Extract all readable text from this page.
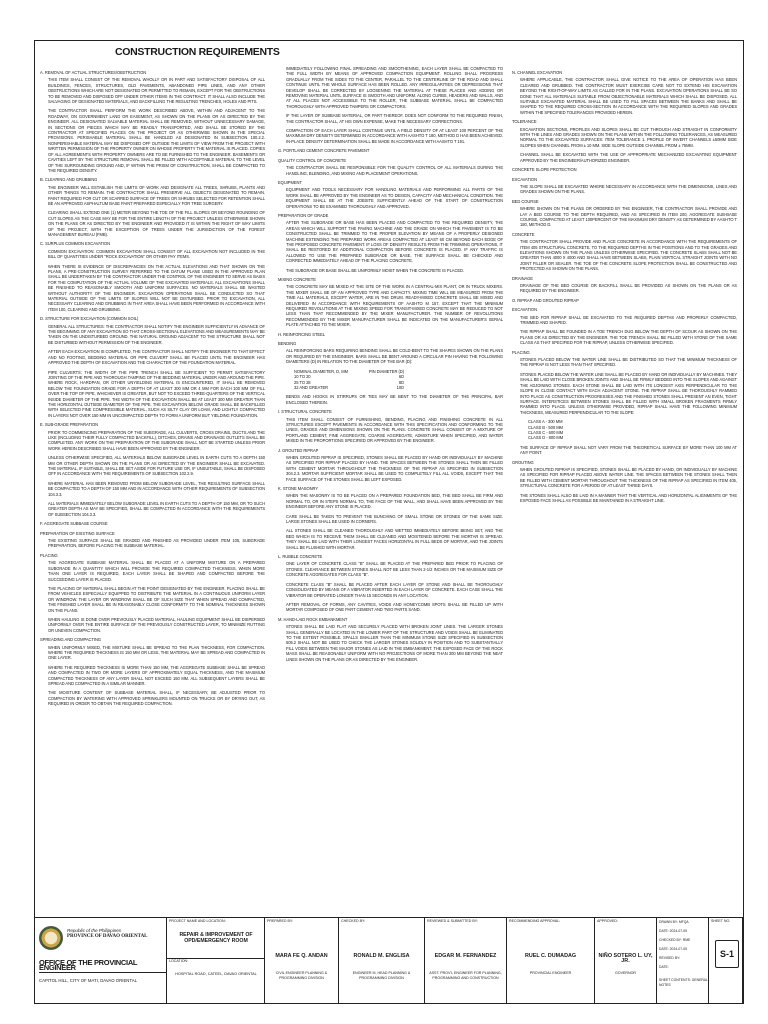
CONSTRUCTION REQUIREMENTS

A. REMOVAL OF ACTUAL STRUCTURES/OBSTRUCTION

THIS ITEM SHALL CONSIST OF THE REMOVAL WHOLLY OR IN PART AND SATISFACTORY DISPOSAL OF ALL BUILDINGS, FENCES, STRUCTURES, OLD PAVEMENTS, ABANDONED PIPE LINES, AND ANY OTHER OBSTRUCTIONS WHICH ARE NOT DESIGNATED OR PERMITTED TO REMAIN, EXCEPT FOR THE OBSTRUCTIONS TO BE REMOVED AND DISPOSED OFF UNDER OTHER ITEMS IN THE CONTRACT. IT SHALL ALSO INCLUDE THE SALVAGING OF DESIGNATED MATERIALS, AND BACKFILLING THE RESULTING TRENCHES, HOLES AND PITS.

THE CONTRACTOR SHALL PERFORM THE WORK DESCRIBED ABOVE, WITHIN AND ADJACENT TO THE ROADWAY, ON GOVERNMENT LAND OR EASEMENT, AS SHOWN ON THE PLANS OR AS DIRECTED BY THE ENGINEER. ALL DESIGNATED SALVABLE MATERIAL SHALL BE REMOVED, WITHOUT UNNECESSARY DAMAGE, IN SECTIONS OR PIECES WHICH MAY BE READILY TRANSPORTED, AND SHALL BE STORED BY THE CONTRACTOR AT SPECIFIED PLACES ON THE PROJECT OR AS OTHERWISE SHOWN IN THE SPECIAL PROVISIONS. PERISHABLE MATERIAL SHALL BE HANDLED AS DESIGNATED IN SUBSECTION 100.2.2. NONPERISHABLE MATERIAL MAY BE DISPOSED OFF OUTSIDE THE LIMITS OF VIEW FROM THE PROJECT WITH WRITTEN PERMISSION OF THE PROPERTY OWNER ON WHOSE PROPERTY THE MATERIAL IS PLACED. COPIES OF ALL AGREEMENTS WITH PROPERTY OWNERS ARE TO BE FURNISHED TO THE ENGINEER. BASEMENTS OR CAVITIES LEFT BY THE STRUCTURE REMOVAL SHALL BE FILLED WITH ACCEPTABLE MATERIAL TO THE LEVEL OF THE SURROUNDING GROUND AND, IF WITHIN THE PRISM OF CONSTRUCTION, SHALL BE COMPACTED TO THE REQUIRED DENSITY.

B. CLEARING AND GRUBBING

THE ENGINEER WILL ESTABLISH THE LIMITS OF WORK AND DESIGNATE ALL TREES, SHRUBS, PLANTS AND OTHER THINGS TO REMAIN. THE CONTRACTOR SHALL PRESERVE ALL OBJECTS DESIGNATED TO REMAIN. PAINT REQUIRED FOR CUT OR SCARRED SURFACE OF TREES OR SHRUBS SELECTED FOR RETENTION SHALL BE AN APPROVED ASPHALTUM BASE PAINT PREPARED ESPECIALLY FOR TREE SURGERY.

CLEARING SHALL EXTEND ONE (1) METER BEYOND THE TOE OF THE FILL SLOPES OR BEYOND ROUNDING OF CUT SLOPES AS THE CASE MAY BE FOR THE ENTIRE LENGTH OF THE PROJECT UNLESS OTHERWISE SHOWN ON THE PLANS OR AS DIRECTED BY THE ENGINEER AND PROVIDED IT IS WITHIN THE RIGHT OF WAY LIMITS OF THE PROJECT, WITH THE EXCEPTION OF TREES UNDER THE JURISDICTION OF THE FOREST MANAGEMENT BUREAU (FMB).

C. SURPLUS COMMON EXCAVATION

COMMON EXCAVATION: COMMON EXCAVATION SHALL CONSIST OF ALL EXCAVATION NOT INCLUDED IN THE BILL OF QUANTITIES UNDER "ROCK EXCAVATION" OR OTHER PAY ITEMS.

WHEN THERE IS EVIDENCE OF DISCREPANCIES ON THE ACTUAL ELEVATIONS AND THAT SHOWN ON THE PLANS, A PRE-CONSTRUCTION SURVEY REFERRED TO THE DATUM PLANE USED IN THE APPROVED PLAN SHALL BE UNDERTAKEN BY THE CONTRACTOR UNDER THE CONTROL OF THE ENGINEER TO SERVE AS BASIS FOR THE COMPUTATION OF THE ACTUAL VOLUME OF THE EXCAVATED MATERIALS. ALL EXCAVATIONS SHALL BE FINISHED TO REASONABLY SMOOTH AND UNIFORM SURFACES. NO MATERIALS SHALL BE WASTED WITHOUT AUTHORITY OF THE ENGINEER. EXCAVATION OPERATIONS SHALL BE CONDUCTED SO THAT MATERIAL OUTSIDE OF THE LIMITS OF SLOPES WILL NOT BE DISTURBED. PRIOR TO EXCAVATION, ALL NECESSARY CLEARING AND GRUBBING IN THAT AREA SHALL HAVE BEEN PERFORMED IN ACCORDANCE WITH ITEM 100, CLEARING AND GRUBBING.

D. STRUCTURE FOR EXCAVATION (COMMON SOIL)

GENERAL ALL STRUCTURES: THE CONTRACTOR SHALL NOTIFY THE ENGINEER SUFFICIENTLY IN ADVANCE OF THE BEGINNING OF ANY EXCAVATION SO THAT CROSS-SECTIONAL ELEVATIONS AND MEASUREMENTS MAY BE TAKEN ON THE UNDISTURBED GROUND. THE NATURAL GROUND ADJACENT TO THE STRUCTURE SHALL NOT BE DISTURBED WITHOUT PERMISSION OF THE ENGINEER.

AFTER EACH EXCAVATION IS COMPLETED, THE CONTRACTOR SHALL NOTIFY THE ENGINEER TO THAT EFFECT AND NO FOOTING, BEDDING MATERIAL OR PIPE CULVERT SHALL BE PLACED UNTIL THE ENGINEER HAS APPROVED THE DEPTH OF EXCAVATION AND THE CHARACTER OF THE FOUNDATION MATERIAL.

PIPE CULVERTS: THE WIDTH OF THE PIPE TRENCH SHALL BE SUFFICIENT TO PERMIT SATISFACTORY JOINTING OF THE PIPE AND THOROUGH TAMPING OF THE BEDDING MATERIAL UNDER AND AROUND THE PIPE. WHERE ROCK, HARDPAN, OR OTHER UNYIELDING MATERIAL IS ENCOUNTERED, IT SHALL BE REMOVED BELOW THE FOUNDATION GRADE FOR A DEPTH OF AT LEAST 300 MM OR 4 MM FOR EACH 100 MM OF FILL OVER THE TOP OF PIPE, WHICHEVER IS GREATER, BUT NOT TO EXCEED THREE-QUARTERS OF THE VERTICAL INSIDE DIAMETER OF THE PIPE. THE WIDTH OF THE EXCAVATION SHALL BE AT LEAST 300 MM GREATER THAN THE HORIZONTAL OUTSIDE DIAMETER OF THE PIPE. THE EXCAVATION BELOW GRADE SHALL BE BACKFILLED WITH SELECTED FINE COMPRESSIBLE MATERIAL, SUCH AS SILTY CLAY OR LOAM, AND LIGHTLY COMPACTED IN LAYERS NOT OVER 150 MM IN UNCOMPACTED DEPTH TO FORM A UNIFORM BUT YIELDING FOUNDATION.

E. SUB-GRADE PREPARATION

PRIOR TO COMMENCING PREPARATION OF THE SUBGRADE, ALL CULVERTS, CROSS DRAINS, DUCTS AND THE LIKE (INCLUDING THEIR FULLY COMPACTED BACKFILL), DITCHES, DRAINS AND DRAINAGE OUTLETS SHALL BE COMPLETED. ANY WORK ON THE PREPARATION OF THE SUBGRADE SHALL NOT BE STARTED UNLESS PRIOR WORK HEREIN DESCRIBED SHALL HAVE BEEN APPROVED BY THE ENGINEER.

UNLESS OTHERWISE SPECIFIED, ALL MATERIALS BELOW SUBGRADE LEVEL IN EARTH CUTS TO A DEPTH 150 MM OR OTHER DEPTH SHOWN ON THE PLANS OR AS DIRECTED BY THE ENGINEER SHALL BE EXCAVATED. THE MATERIAL, IF SUITABLE, SHALL BE SET ASIDE FOR FUTURE USE OR, IF UNSUITABLE, SHALL BE DISPOSED OFF IN ACCORDANCE WITH THE REQUIREMENTS OF SUBSECTION 102.2.9.

WHERE MATERIAL HAS BEEN REMOVED FROM BELOW SUBGRADE LEVEL, THE RESULTING SURFACE SHALL BE COMPACTED TO A DEPTH OF 150 MM AND IN ACCORDANCE WITH OTHER REQUIREMENTS OF SUBSECTION 104.3.3.

ALL MATERIALS IMMEDIATELY BELOW SUBGRADE LEVEL IN EARTH CUTS TO A DEPTH OF 150 MM, OR TO SUCH GREATER DEPTH AS MAY BE SPECIFIED, SHALL BE COMPACTED IN ACCORDANCE WITH THE REQUIREMENTS OF SUBSECTION 104.3.3.

F. AGGREGATE SUBBASE COURSE

PREPARATION OF EXISTING SURFACE

THE EXISTING SURFACE SHALL BE GRADED AND FINISHED AS PROVIDED UNDER ITEM 105, SUBGRADE PREPARATION, BEFORE PLACING THE SUBBASE MATERIAL.

PLACING

THE AGGREGATE SUBBASE MATERIAL SHALL BE PLACED AT A UNIFORM MIXTURE ON A PREPARED SUBGRADE IN A QUANTITY WHICH WILL PROVIDE THE REQUIRED COMPACTED THICKNESS. WHEN MORE THAN ONE LAYER IS REQUIRED, EACH LAYER SHALL BE SHAPED AND COMPACTED BEFORE THE SUCCEEDING LAYER IS PLACED.

THE PLACING OF MATERIAL SHALL BEGIN AT THE POINT DESIGNATED BY THE ENGINEER. PLACING SHALL BE FROM VEHICLES ESPECIALLY EQUIPPED TO DISTRIBUTE THE MATERIAL IN A CONTINUOUS UNIFORM LAYER OR WINDROW. THE LAYER OR WINDROW SHALL BE OF SUCH SIZE THAT WHEN SPREAD AND COMPACTED, THE FINISHED LAYER SHALL BE IN REASONABLY CLOSE CONFORMITY TO THE NOMINAL THICKNESS SHOWN ON THE PLANS.

WHEN HAULING IS DONE OVER PREVIOUSLY PLACED MATERIAL, HAULING EQUIPMENT SHALL BE DISPERSED UNIFORMLY OVER THE ENTIRE SURFACE OF THE PREVIOUSLY CONSTRUCTED LAYER, TO MINIMIZE RUTTING OR UNEVEN COMPACTION.

SPREADING AND COMPACTING

WHEN UNIFORMLY MIXED, THE MIXTURE SHALL BE SPREAD TO THE PLAN THICKNESS, FOR COMPACTION. WHERE THE REQUIRED THICKNESS IS 150 MM OR LESS, THE MATERIAL MAY BE SPREAD AND COMPACTED IN ONE LAYER.

WHERE THE REQUIRED THICKNESS IS MORE THAN 150 MM, THE AGGREGATE SUBBASE SHALL BE SPREAD AND COMPACTED IN TWO OR MORE LAYERS OF APPROXIMATELY EQUAL THICKNESS, AND THE MAXIMUM COMPACTED THICKNESS OF ANY LAYER SHALL NOT EXCEED 150 MM. ALL SUBSEQUENT LAYERS SHALL BE SPREAD AND COMPACTED IN A SIMILAR MANNER.

THE MOISTURE CONTENT OF SUBBASE MATERIAL SHALL, IF NECESSARY, BE ADJUSTED PRIOR TO COMPACTION BY WATERING WITH APPROVED SPRINKLERS MOUNTED ON TRUCKS OR BY DRYING OUT, AS REQUIRED IN ORDER TO OBTAIN THE REQUIRED COMPACTION.

IMMEDIATELY FOLLOWING FINAL SPREADING AND SMOOTHENING, EACH LAYER SHALL BE COMPACTED TO THE FULL WIDTH BY MEANS OF APPROVED COMPACTION EQUIPMENT. ROLLING SHALL PROGRESS GRADUALLY FROM THE SIDES TO THE CENTER, PARALLEL TO THE CENTERLINE OF THE ROAD AND SHALL CONTINUE UNTIL THE WHOLE SURFACE HAS BEEN ROLLED. ANY IRREGULARITIES OR DEPRESSIONS THAT DEVELOP SHALL BE CORRECTED BY LOOSENING THE MATERIAL AT THESE PLACES AND ADDING OR REMOVING MATERIAL UNTIL SURFACE IS SMOOTH AND UNIFORM. ALONG CURBS, HEADERS AND WALLS, AND AT ALL PLACES NOT ACCESSIBLE TO THE ROLLER, THE SUBBASE MATERIAL SHALL BE COMPACTED THOROUGHLY WITH APPROVED TAMPERS OR COMPACTORS.

IF THE LAYER OF SUBBASE MATERIAL, OR PART THEREOF, DOES NOT CONFORM TO THE REQUIRED FINISH, THE CONTRACTOR SHALL, AT HIS OWN EXPENSE, MAKE THE NECESSARY CORRECTIONS.

COMPACTION OF EACH LAYER SHALL CONTINUE UNTIL A FIELD DENSITY OF AT LEAST 100 PERCENT OF THE MAXIMUM DRY DENSITY DETERMINED IN ACCORDANCE WITH AASHTO T 180, METHOD D HAS BEEN ACHIEVED. IN-PLACE DENSITY DETERMINATION SHALL BE MADE IN ACCORDANCE WITH AASHTO T 191.

G. PORTLAND CEMENT CONCRETE PAVEMENT

QUALITY CONTROL OF CONCRETE

THE CONTRACTOR SHALL BE RESPONSIBLE FOR THE QUALITY CONTROL OF ALL MATERIALS DURING THE HANDLING, BLENDING, AND MIXING AND PLACEMENT OPERATIONS.

EQUIPMENT

EQUIPMENT AND TOOLS NECESSARY FOR HANDLING MATERIALS AND PERFORMING ALL PARTS OF THE WORK SHALL BE APPROVED BY THE ENGINEER AS TO DESIGN, CAPACITY AND MECHANICAL CONDITION. THE EQUIPMENT SHALL BE AT THE JOBSITE SUFFICIENTLY AHEAD OF THE START OF CONSTRUCTION OPERATIONS TO BE EXAMINED THOROUGHLY AND APPROVED.

PREPARATION OF GRADE

AFTER THE SUBGRADE OR BASE HAS BEEN PLACED AND COMPACTED TO THE REQUIRED DENSITY, THE AREAS WHICH WILL SUPPORT THE PAVING MACHINE AND THE GRADE ON WHICH THE PAVEMENT IS TO BE CONSTRUCTED SHALL BE TRIMMED TO THE PROPER ELEVATION BY MEANS OF A PROPERLY DESIGNED MACHINE EXTENDING THE PREPARED WORK AREAS COMPACTED AT LEAST 60 CM BEYOND EACH EDGE OF THE PROPOSED CONCRETE PAVEMENT. IF LOSS OF DENSITY RESULTS FROM THE TRIMMING OPERATIONS, IT SHALL BE RESTORED BY ADDITIONAL COMPACTION BEFORE CONCRETE IS PLACED. IF ANY TRAFFIC IS ALLOWED TO USE THE PREPARED SUBGRADE OR BASE, THE SURFACE SHALL BE CHECKED AND CORRECTED IMMEDIATELY AHEAD OF THE PLACING CONCRETE.

THE SUBGRADE OR BASE SHALL BE UNIFORMLY MOIST WHEN THE CONCRETE IS PLACED.

MIXING CONCRETE

THE CONCRETE MAY BE MIXED AT THE SITE OF THE WORK IN A CENTRAL-MIX PLANT, OR IN TRUCK MIXERS. THE MIXER SHALL BE OF AN APPROVED TYPE AND CAPACITY. MIXING TIME WILL BE MEASURED FROM THE TIME ALL MATERIALS, EXCEPT WATER, ARE IN THE DRUM. READY-MIXED CONCRETE SHALL BE MIXED AND DELIVERED IN ACCORDANCE WITH REQUIREMENTS OF AASHTO M 157, EXCEPT THAT THE MINIMUM REQUIRED REVOLUTIONS AT THE MIXING SPEED FOR TRANSIT-MIXED CONCRETE MAY BE REDUCED TO NOT LESS THAN THAT RECOMMENDED BY THE MIXER MANUFACTURER. THE NUMBER OF REVOLUTIONS RECOMMENDED BY THE MIXER MANUFACTURER SHALL BE INDICATED ON THE MANUFACTURER'S SERIAL PLATE ATTACHED TO THE MIXER.

H. REINFORCING STEEL

BENDING

ALL REINFORCING BARS REQUIRING BENDING SHALL BE COLD-BENT TO THE SHAPES SHOWN ON THE PLANS OR REQUIRED BY THE ENGINEER. BARS SHALL BE BENT AROUND A CIRCULAR PIN HAVING THE FOLLOWING DIAMETERS (D) IN RELATION TO THE DIAMETER OF THE BAR (D):

NOMINAL DIAMETER, D, MM	PIN DIAMETER (D)
10 TO 20	6D
25 TO 28	8D
32 AND GREATER	10D

BENDS AND HOOKS IN STIRRUPS OR TIES MAY BE BENT TO THE DIAMETER OF THE PRINCIPAL BAR ENCLOSED THEREIN.

I. STRUCTURAL CONCRETE

THIS ITEM SHALL CONSIST OF FURNISHING, BENDING, PLACING AND FINISHING CONCRETE IN ALL STRUCTURES EXCEPT PAVEMENTS IN ACCORDANCE WITH THIS SPECIFICATION AND CONFORMING TO THE LINES, GRADES AND DIMENSIONS SHOWN ON THE PLANS. CONCRETE SHALL CONSIST OF A MIXTURE OF PORTLAND CEMENT, FINE AGGREGATE, COARSE AGGREGATE, ADMIXTURE WHEN SPECIFIED, AND WATER MIXED IN THE PROPORTIONS SPECIFIED OR APPROVED BY THE ENGINEER.

J. GROUTED RIPRAP

WHEN GROUTED RIPRAP IS SPECIFIED, STONES SHALL BE PLACED BY HAND OR INDIVIDUALLY BY MACHINE AS SPECIFIED FOR RIPRAP PLACED BY HAND. THE SPACES BETWEEN THE STONES SHALL THEN BE FILLED WITH CEMENT MORTAR THROUGHOUT THE THICKNESS OF THE RIPRAP AS SPECIFIED IN SUBSECTION 304.2.3. MORTAR SUFFICIENT MORTAR SHALL BE USED TO COMPLETELY FILL ALL VOIDS, EXCEPT THAT THE FACE SURFACE OF THE STONES SHALL BE LEFT EXPOSED.

K. STONE MASONRY

WHEN THE MASONRY IS TO BE PLACED ON A PREPARED FOUNDATION BED, THE BED SHALL BE FIRM AND NORMAL TO, OR IN STEPS NORMAL TO, THE FACE OF THE WALL, AND SHALL HAVE BEEN APPROVED BY THE ENGINEER BEFORE ANY STONE IS PLACED.

CARE SHALL BE TAKEN TO PREVENT THE BUNCHING OF SMALL STONE OR STONES OF THE SAME SIZE. LARGE STONES SHALL BE USED IN CORNERS.

ALL STONES SHALL BE CLEANED THOROUGHLY AND WETTED IMMEDIATELY BEFORE BEING SET, AND THE BED WHICH IS TO RECEIVE THEM SHALL BE CLEANED AND MOISTENED BEFORE THE MORTAR IS SPREAD. THEY SHALL BE LAID WITH THEIR LONGEST FACES HORIZONTAL IN FULL BEDS OF MORTAR, AND THE JOINTS SHALL BE FLUSHED WITH MORTAR.

L. RUBBLE CONCRETE

ONE LAYER OF CONCRETE CLASS "B" SHALL BE PLACED AT THE PREPARED BED PRIOR TO PLACING OF STONES. CLEARANCE BETWEEN STONES SHALL NOT BE LESS THAN 2-1/2 INCHES OR THE MAXIMUM SIZE OF CONCRETE AGGREGATES FOR CLASS "B".

CONCRETE CLASS "B" SHALL BE PLACED AFTER EACH LAYER OF STONE AND SHALL BE THOROUGHLY CONSOLIDATED BY MEANS OF A VIBRATOR INSERTED IN EACH LAYER OF CONCRETE. EACH CASE SHALL THE VIBRATOR BE OPERATED LONGER THAN 15 SECONDS IN ANY LOCATION.

AFTER REMOVAL OF FORMS, ANY CAVITIES, VOIDS AND HONEYCOMB SPOTS SHALL BE FILLED UP WITH MORTAR COMPOSED OF ONE PART CEMENT AND TWO PARTS SAND.

M. HAND-LAID ROCK EMBANKMENT

STONES SHALL BE LAID FLAT AND SECURELY PLACED WITH BROKEN JOINT LINES. THE LARGER STONES SHALL GENERALLY BE LOCATED IN THE LOWER PART OF THE STRUCTURE AND VOIDS SHALL BE ELIMINATED TO THE EXTENT POSSIBLE. SPALLS SMALLER THAN THE MINIMUM STONE SIZE SPECIFIED IN SUBSECTION 505.2 SHALL NOT BE USED TO CHECK THE LARGER STONES SOLIDLY IN POSITION AND TO SUBSTANTIALLY FILL VOIDS BETWEEN THE MAJOR STONES AS LAID IN THE EMBANKMENT. THE EXPOSED FACE OF THE ROCK MASS SHALL BE REASONABLY UNIFORM WITH NO PROJECTIONS OF MORE THAN 300 MM BEYOND THE NEAT LINES SHOWN ON THE PLANS OR AS DIRECTED BY THE ENGINEER.

N. CHANNEL EXCAVATION

WHERE APPLICABLE, THE CONTRACTOR SHALL GIVE NOTICE TO THE AREA OF OPERATION HAS BEEN CLEARED AND GRUBBED. THE CONTRACTOR MUST EXERCISE CARE NOT TO EXTEND HIS EXCAVATION BEYOND THE RIGHT-OF-WAY LIMITS AS CALLED FOR IN THE PLANS. EXCAVATION OPERATIONS SHALL BE SO DONE THAT ALL MATERIALS SUITABLE FROM OBJECTIONABLE MATERIALS WHICH SHALL BE DISPOSED, ALL SUITABLE EXCAVATED MATERIAL SHALL BE USED TO FILL SPACES BETWEEN THE BANKS AND SHALL BE SHAPED TO THE REQUIRED CROSS-SECTION IN ACCORDANCE WITH THE REQUIRED SLOPES AND GRADES WITHIN THE SPECIFIED TOLERANCES PROVIDED HEREIN.

TOLERANCE

EXCAVATION SECTIONS, PROFILES AND SLOPES SHALL BE CUT THROUGH AND STRAIGHT IN CONFORMITY WITH THE LINES AND GRADES SHOWN ON THE PLANS WITHIN THE FOLLOWING TOLERANCES, AS MEASURED NORMAL TO THE EXCAVATED SURFACES: ITEM TOLERANCE 1. PROFILE OF INVERT CHANNELS ±50MM SIDE SLOPES WHEN CHANNEL FROM ± 10 MM. SIDE SLOPE OUTSIDE CHANNEL FROM ± 75MM.

CHANNEL SHALL BE EXCAVATED WITH THE USE OF APPROPRIATE MECHANIZED EXCAVATING EQUIPMENT APPROVED BY THE ENGINEER/AUTHORIZED ENGINEER.

CONCRETE SLOPE PROTECTION

EXCAVATION

THE SLOPE SHALL BE EXCAVATED WHERE NECESSARY IN ACCORDANCE WITH THE DIMENSIONS, LINES AND GRADES SHOWN ON THE PLANS.

BED COURSE

WHERE SHOWN ON THE PLANS OR ORDERED BY THE ENGINEER, THE CONTRACTOR SHALL PROVIDE AND LAY A BED COURSE TO THE DEPTH REQUIRED, AND AS SPECIFIED IN ITEM 200, AGGREGATE SUB-BASE COURSE, COMPACTED AT LEAST 100PERCENT OF THE MAXIMUM DRY DENSITY AS DETERMINED BY AASHTO T 180, METHOD D.

CONCRETE

THE CONTRACTOR SHALL PROVIDE AND PLACE CONCRETE IN ACCORDANCE WITH THE REQUIREMENTS OF ITEM 405 STRUCTURAL CONCRETE, TO THE REQUIRED DEPTHS IN THE POSITIONS AND TO THE GRADES AND ELEVATIONS SHOWN ON THE PLANS UNLESS OTHERWISE SPECIFIED. THE CONCRETE SLABS SHALL NOT BE GREATER THAN 4000 X 4000 AND SHALL HAVE BETWEEN SLABS, PLAIN VERTICAL STRAIGHT JOINTS WITH NO JOINT FILLER OR SEALER. THE TOE OF THE CONCRETE SLOPE PROTECTION SHALL BE CONSTRUCTED AND PROTECTED AS SHOWN ON THE PLANS.

DRAINAGE

DRAINAGE OF THE BED COURSE OR BACKFILL SHALL BE PROVIDED AS SHOWN ON THE PLANS OR AS REQUIRED BY THE ENGINEER.

O. RIPRAP AND GROUTED RIPRAP

EXCAVATION

THE BED FOR RIPRAP SHALL BE EXCAVATED TO THE REQUIRED DEPTHS AND PROPERLY COMPACTED, TRIMMED AND SHAPED.

THE RIPRAP SHALL BE FOUNDED IN A TOE TRENCH DUG BELOW THE DEPTH OF SCOUR AS SHOWN ON THE PLANS OR AS DIRECTED BY THE ENGINEER. THE TOE TRENCH SHALL BE FILLED WITH STONE OF THE SAME CLASS AS THAT SPECIFIED FOR THE RIPRAP, UNLESS OTHERWISE SPECIFIED.

PLACING

STONES PLACED BELOW THE WATER LINE SHALL BE DISTRIBUTED SO THAT THE MINIMUM THICKNESS OF THE RIPRAP IS NOT LESS THAN THAT SPECIFIED.

STONES PLACED BELOW THE WATER LINE SHALL BE PLACED BY HAND OR INDIVIDUALLY BY MACHINES. THEY SHALL BE LAID WITH CLOSE BROKEN JOINTS AND SHALL BE FIRMLY BEDDED INTO THE SLOPES AND AGAINST THE ADJOINING STONES. EACH STONE SHALL BE LAID WITH ITS LONGEST AXIS PERPENDICULAR TO THE SLOPE IN CLOSE CONTACT WITH EACH ADJACENT STONE. THE RIPRAP SHALL BE THOROUGHLY RAMMED INTO PLACE AS CONSTRUCTION PROGRESSES AND THE FINISHED STONES SHALL PRESENT AN EVEN, TIGHT SURFACE. INTERSTICES BETWEEN STONES SHALL BE FILLED WITH SMALL BROKEN FRAGMENTS FIRMLY RAMMED INTO PLACE. UNLESS OTHERWISE PROVIDED, RIPRAP SHALL HAVE THE FOLLOWING MINIMUM THICKNESS, MEASURED PERPENDICULAR TO THE SLOPE:

CLASS A - 300 MM
CLASS B - 500 MM
CLASS C - 600 MM
CLASS D - 800 MM

THE SURFACE OF RIPRAP SHALL NOT VARY FROM THE THEORETICAL SURFACE BY MORE THAN 100 MM AT ANY POINT.

GROUTING

WHEN GROUTED RIPRAP IS SPECIFIED, STONES SHALL BE PLACED BY HAND, OR INDIVIDUALLY BY MACHINE AS SPECIFIED FOR RIPRAP PLACED ABOVE WATER LINE. THE SPACES BETWEEN THE STONES SHALL THEN BE FILLED WITH CEMENT MORTAR THROUGHOUT THE THICKNESS OF THE RIPRAP AS SPECIFIED IN ITEM 405, STRUCTURAL CONCRETE FOR A PERIOD OF AT LEAST THREE DAYS.

THE STONES SHALL ALSO BE LAID IN A MANNER THAT THE VERTICAL AND HORIZONTAL ALIGNMENTS OF THE EXPOSED FACE SHALL AS POSSIBLE BE MAINTAINED IN A STRAIGHT LINE.

Republic of the Philippines
PROVINCE OF DAVAO ORIENTAL
OFFICE OF THE PROVINCIAL ENGINEER
CAPITOL HILL, CITY OF MATI, DAVAO ORIENTAL
PROJECT NAME AND LOCATION:
REPAIR & IMPROVEMENT OF OPD/EMERGENCY ROOM
LOCATION:
HOSPITAL ROAD, CATEEL, DAVAO ORIENTAL
PREPARED BY:
MARA FE Q. ANDAN
CIVIL ENGINEER PLANNING & PROGRAMMING DIVISION
CHECKED BY:
RONALD M. ENGLISA
ENGINEER III, HEAD PLANNING & PROGRAMMING DIVISION
REVIEWED & SUBMITTED BY:
EDGAR M. FERNANDEZ
ASST. PROV'L ENGINEER FOR PLANNING, PROGRAMMING AND CONSTRUCTION
RECOMMENDING APPROVAL:
RUEL C. DUMADAG
PROVINCIAL ENGINEER
APPROVED:
NIÑO SOTERO L. UY, JR.
GOVERNOR
DRAWN BY: MFQA
DATE: 2024-07-05
CHECKED BY: RME
DATE: 2024-07-05
REVISED BY:
DATE:
SHEET CONTENTS: GENERAL NOTES
SHEET NO.
S-1
